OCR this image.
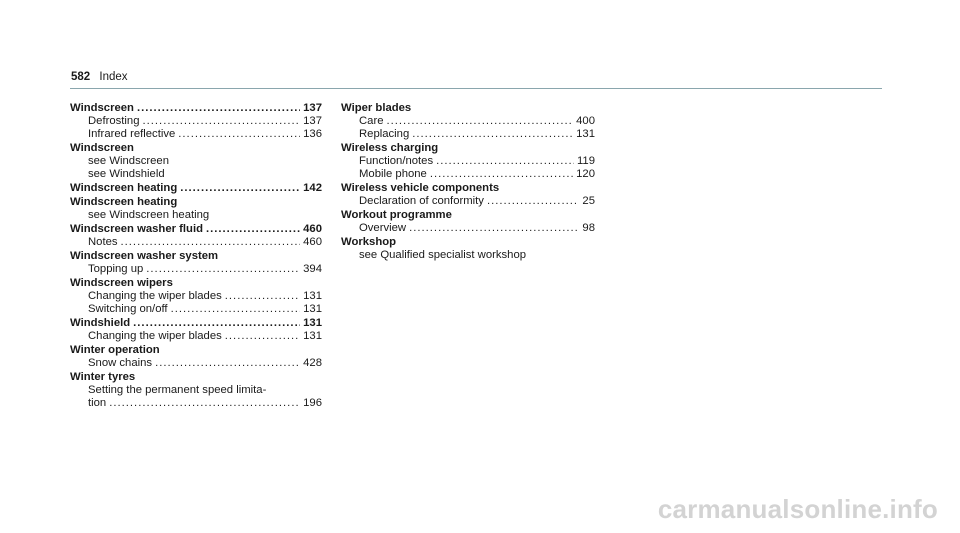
582 Index
Windscreen .....	137
Defrosting .....	137
Infrared reflective .....	136
Windscreen
see Windscreen
see Windshield
Windscreen heating .....	142
Windscreen heating
see Windscreen heating
Windscreen washer fluid .....	460
Notes .....	460
Windscreen washer system
Topping up .....	394
Windscreen wipers
Changing the wiper blades .....	131
Switching on/off .....	131
Windshield .....	131
Changing the wiper blades .....	131
Winter operation
Snow chains .....	428
Winter tyres
Setting the permanent speed limita-
tion .....	196
Wiper blades
Care .....	400
Replacing .....	131
Wireless charging
Function/notes .....	119
Mobile phone .....	120
Wireless vehicle components
Declaration of conformity .....	25
Workout programme
Overview .....	98
Workshop
see Qualified specialist workshop
carmanualsonline.info
